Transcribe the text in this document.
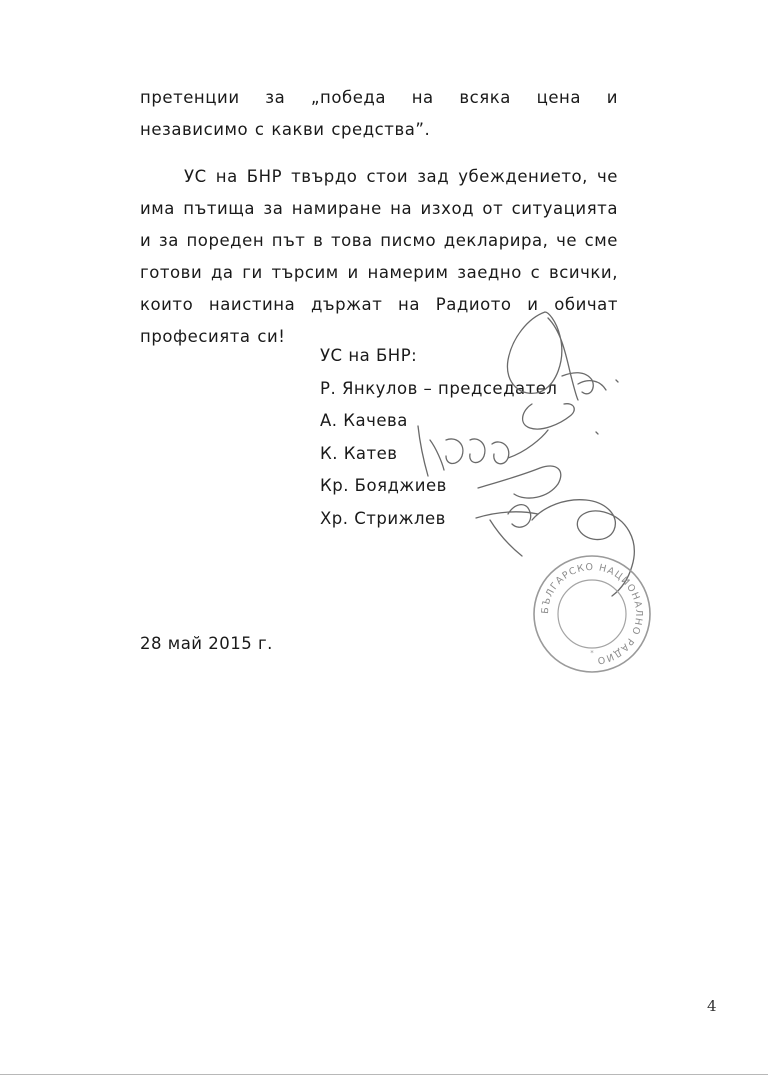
претенции за „победа на всяка цена и независимо с какви средства”.

УС на БНР твърдо стои зад убеждението, че има пътища за намиране на изход от ситуацията и за пореден път в това писмо декларира, че сме готови да ги търсим и намерим заедно с всички, които наистина държат на Радиото и обичат професията си!

УС на БНР:
Р. Янкулов – председател
А. Качева
К. Катев
Кр. Бояджиев
Хр. Стрижлев
БЪЛГАРСКО НАЦИОНАЛНО РАДИО
*
28 май 2015 г.
4
